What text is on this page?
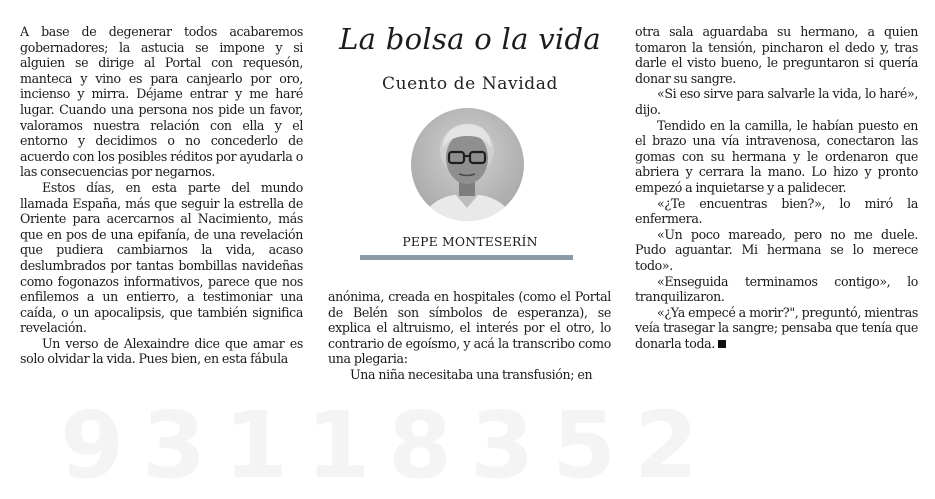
93118352

A base de degenerar todos acabaremos gobernadores; la astucia se impone y si alguien se dirige al Portal con requesón, manteca y vino es para canjearlo por oro, incienso y mirra. Déjame entrar y me haré lugar. Cuando una persona nos pide un favor, valoramos nuestra relación con ella y el entorno y decidimos o no concederlo de acuerdo con los posibles réditos por ayudarla o las consecuencias por negarnos.

Estos días, en esta parte del mundo llamada España, más que seguir la estrella de Oriente para acercarnos al Nacimiento, más que en pos de una epifanía, de una revelación que pudiera cambiarnos la vida, acaso deslumbrados por tantas bombillas navideñas como fogonazos informativos, parece que nos enfilemos a un entierro, a testimoniar una caída, o un apocalipsis, que también significa revelación.

Un verso de Alexaindre dice que amar es solo olvidar la vida. Pues bien, en esta fábula

La bolsa o la vida
Cuento de Navidad
PEPE MONTESERÍN

anónima, creada en hospitales (como el Portal de Belén son símbolos de esperanza), se explica el altruismo, el interés por el otro, lo contrario de egoísmo, y acá la transcribo como una plegaria:

Una niña necesitaba una transfusión; en

otra sala aguardaba su hermano, a quien tomaron la tensión, pincharon el dedo y, tras darle el visto bueno, le preguntaron si quería donar su sangre.

«Si eso sirve para salvarle la vida, lo haré», dijo.

Tendido en la camilla, le habían puesto en el brazo una vía intravenosa, conectaron las gomas con su hermana y le ordenaron que abriera y cerrara la mano. Lo hizo y pronto empezó a inquietarse y a palidecer.

«¿Te encuentras bien?», lo miró la enfermera.

«Un poco mareado, pero no me duele. Pudo aguantar. Mi hermana se lo merece todo».

«Enseguida terminamos contigo», lo tranquilizaron.

«¿Ya empecé a morir?", preguntó, mientras veía trasegar la sangre; pensaba que tenía que donarla toda.
